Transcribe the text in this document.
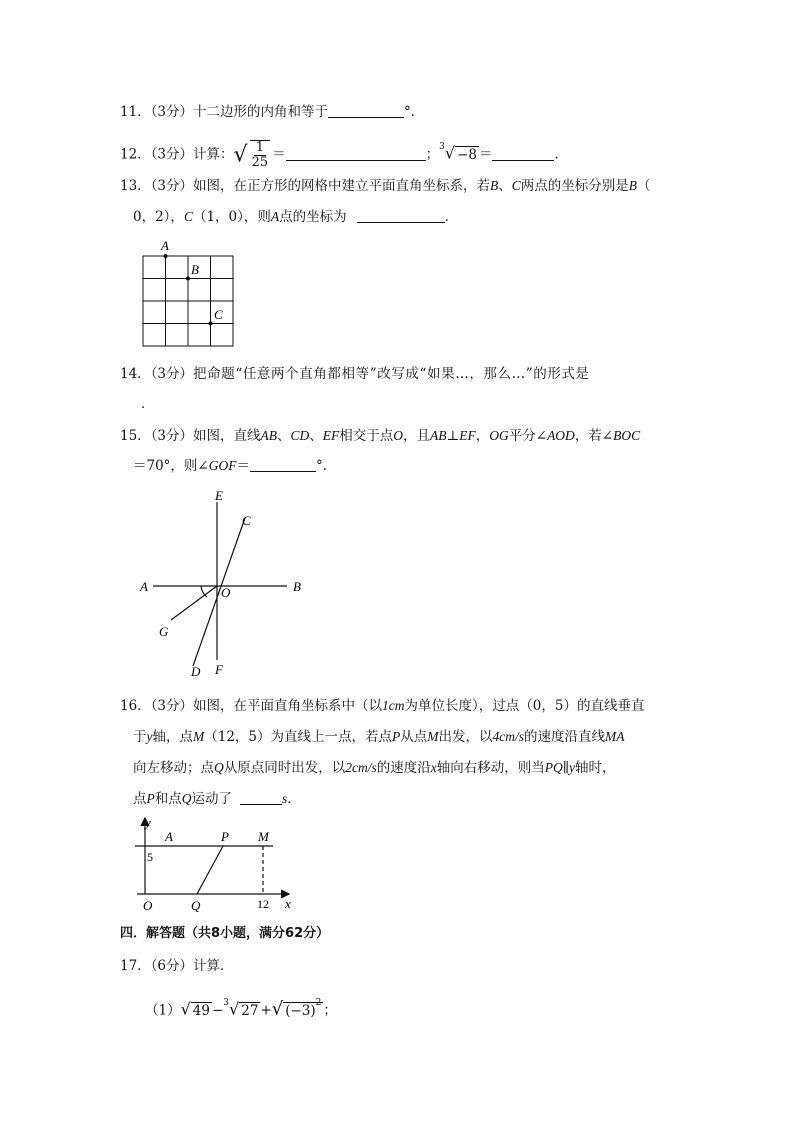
11．（3分）十二边形的内角和等于	°．
12．（3分）计算：√ $\frac{1}{25}$ ＝	；$^3$√ −8 ＝	．
13．（3分）如图，在正方形的网格中建立平面直角坐标系，若B、C两点的坐标分别是B（
0，2），C（1，0），则A点的坐标为	．
A
B
C
14．（3分）把命题“任意两个直角都相等”改写成“如果…，那么…”的形式是
．
15．（3分）如图，直线AB、CD、EF相交于点O，且AB⊥EF，OG平分∠AOD，若∠BOC
＝70°，则∠GOF＝	°．
E
C
A	O	B
G
D F
16．（3分）如图，在平面直角坐标系中（以1cm为单位长度），过点（0，5）的直线垂直
于y轴，点M（12，5）为直线上一点，若点P从点M出发，以4cm/s的速度沿直线MA
向左移动；点Q从原点同时出发，以2cm/s的速度沿x轴向右移动，则当PQ∥y轴时，
点P和点Q运动了	s．
y
A	P M
5
O	Q	12 x
四．解答题（共8小题，满分62分）
17．（6分）计算．
（1）√ 49 −$^3$√ 27 +√ $(-3)^2$ ；
